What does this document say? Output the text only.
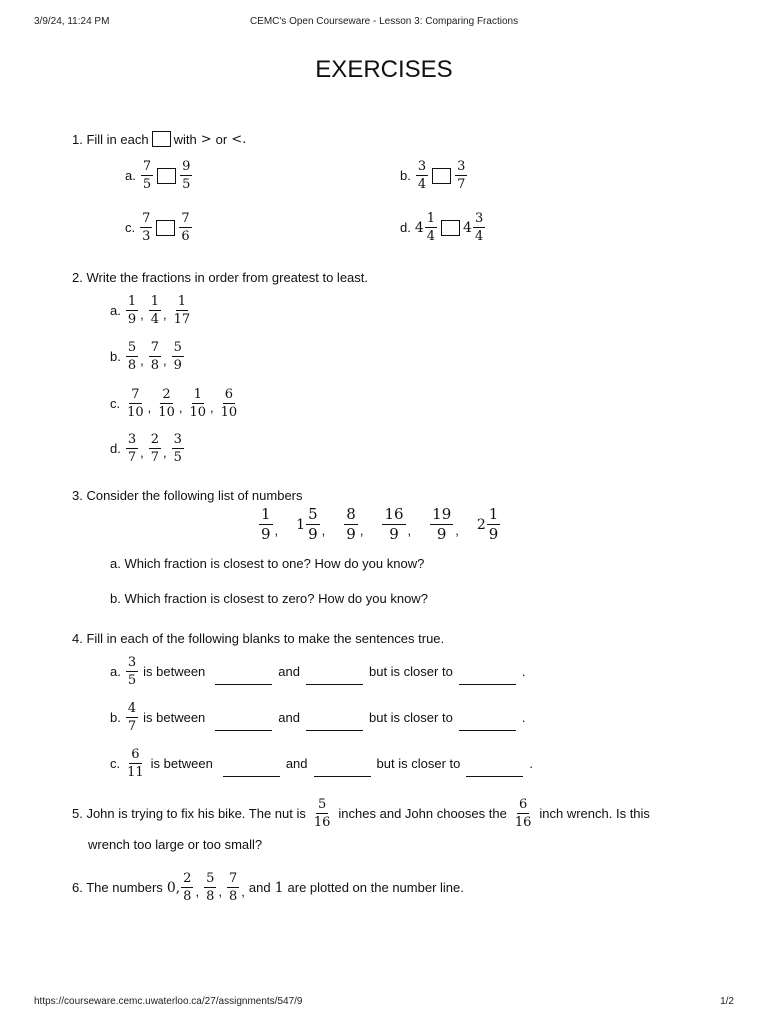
3/9/24, 11:24 PM	CEMC's Open Courseware - Lesson 3: Comparing Fractions
EXERCISES
1. Fill in each with > or <.
a. $\frac{7}{5} \frac{9}{5}$	b. $\frac{3}{4} \frac{3}{7}$
c. $\frac{7}{3} \frac{7}{6}$	d. $4 \frac{1}{4} 4 \frac{3}{4}$
2. Write the fractions in order from greatest to least.
a. $\frac{1}{9}$ , $\frac{1}{4}$ , $\frac{1}{17}$
b. $\frac{5}{8}$ , $\frac{7}{8}$ , $\frac{5}{9}$
c. $\frac{7}{10}$ , $\frac{2}{10}$ , $\frac{1}{10}$ , $\frac{6}{10}$
d. $\frac{3}{7}$ , $\frac{2}{7}$ , $\frac{3}{5}$
3. Consider the following list of numbers
$\frac{1}{9}$ , $1 \frac{5}{9}$ , $\frac{8}{9}$ , $\frac{16}{9}$ , $\frac{19}{9}$ , $2 \frac{1}{9}$
a. Which fraction is closest to one? How do you know?
b. Which fraction is closest to zero? How do you know?
4. Fill in each of the following blanks to make the sentences true.
a. $\frac{3}{5}$ is between	and	but is closer to	.
b. $\frac{4}{7}$ is between	and	but is closer to	.
c. $\frac{6}{11}$ is between	and	but is closer to	.
5. John is trying to fix his bike. The nut is $\frac{5}{16}$ inches and John chooses the $\frac{6}{16}$ inch wrench. Is this
wrench too large or too small?
6. The numbers 0, $\frac{2}{8}$ , $\frac{5}{8}$ , $\frac{7}{8}$ , and 1 are plotted on the number line.
https://courseware.cemc.uwaterloo.ca/27/assignments/547/9	1/2
